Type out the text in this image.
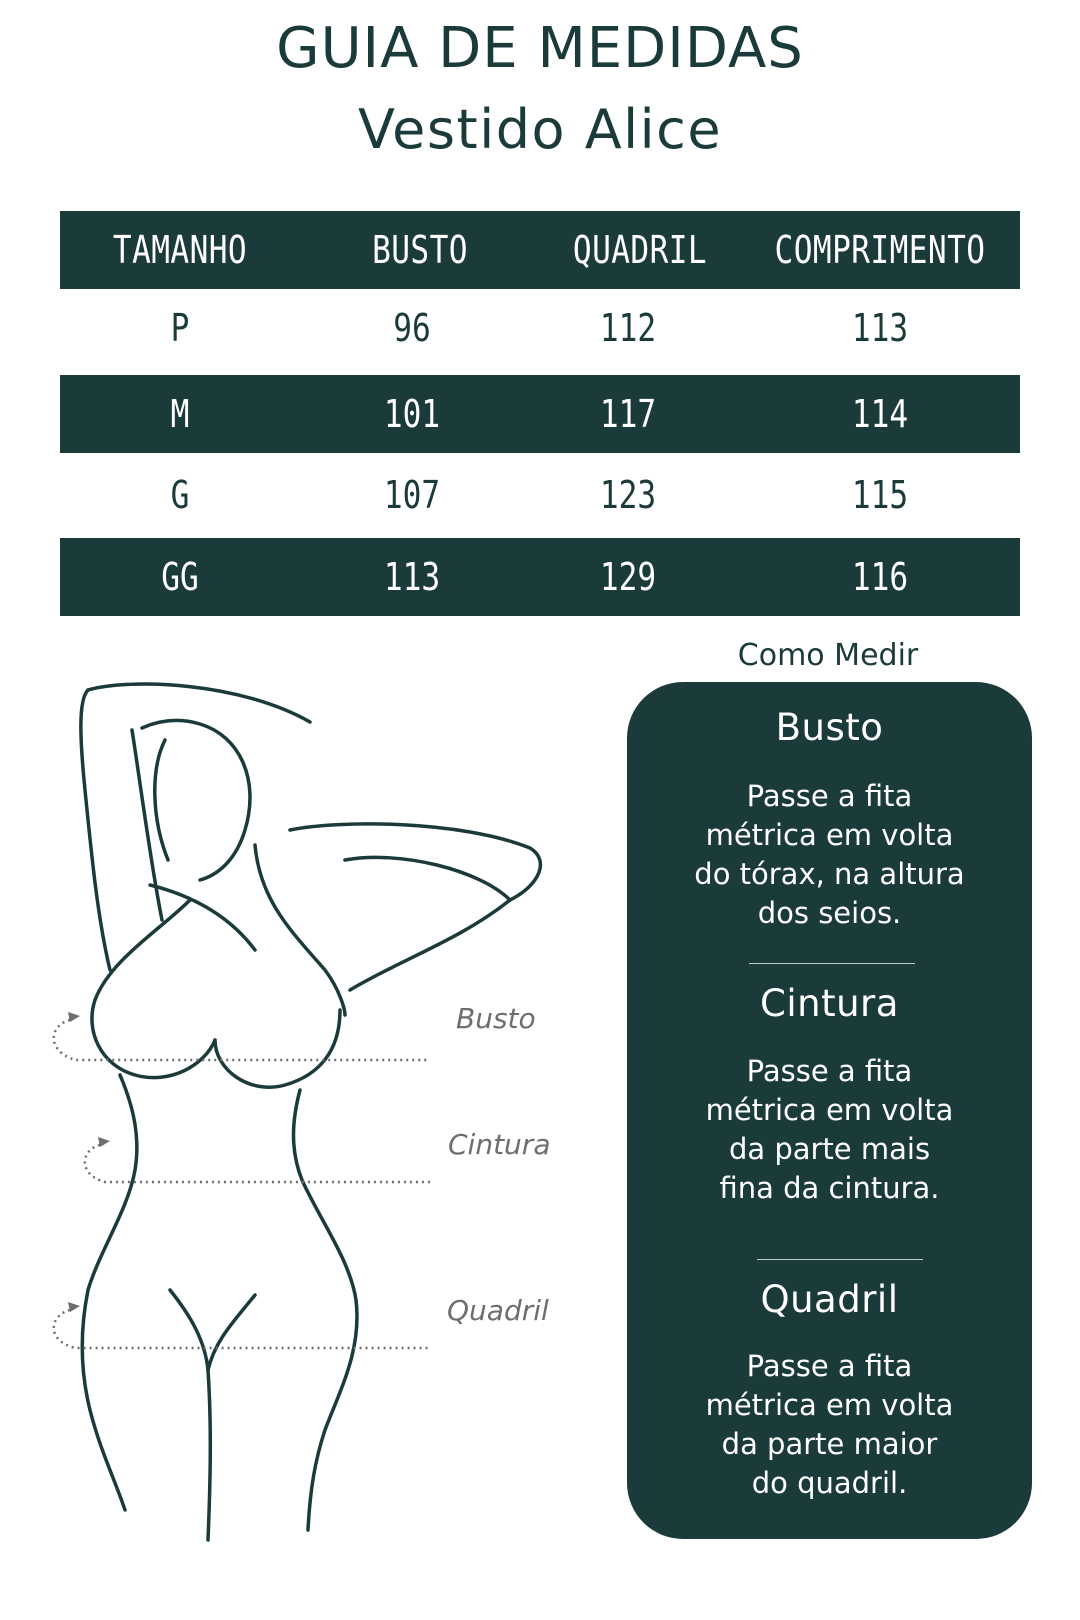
GUIA DE MEDIDAS
Vestido Alice
TAMANHO	BUSTO	QUADRIL	COMPRIMENTO
P	96	112	113
M	101	117	114
G	107	123	115
GG	113	129	116
Busto
Cintura
Quadril
Como Medir
Busto
Passe a fita
métrica em volta
do tórax, na altura
dos seios.
Cintura
Passe a fita
métrica em volta
da parte mais
fina da cintura.
Quadril
Passe a fita
métrica em volta
da parte maior
do quadril.
